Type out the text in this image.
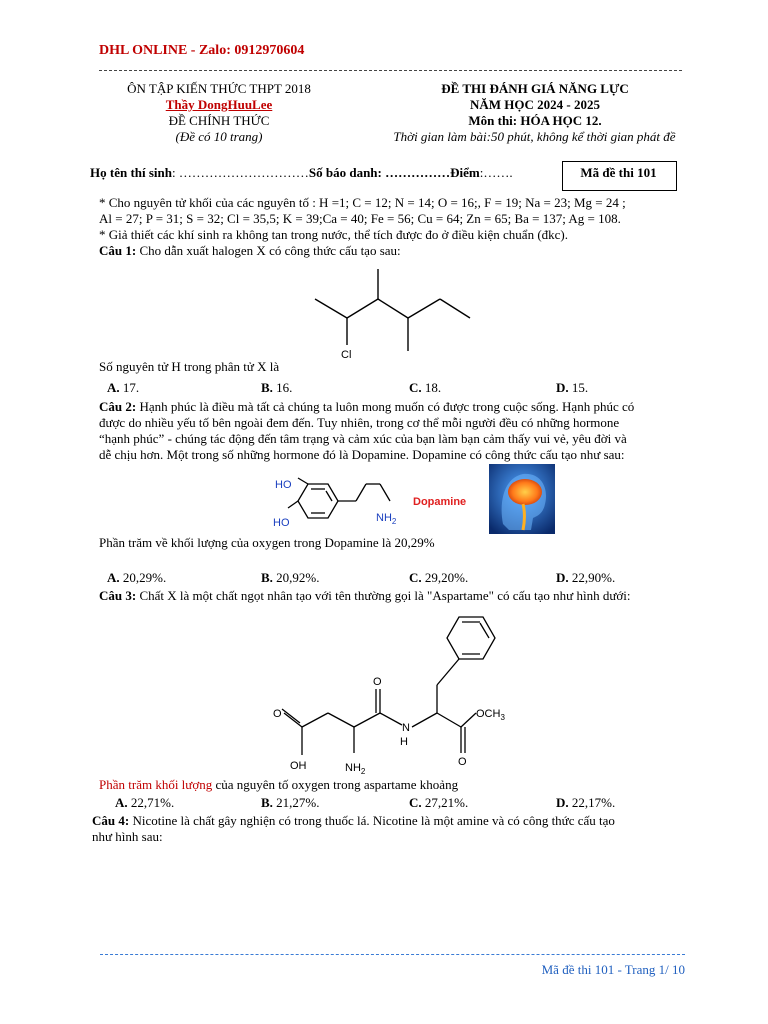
DHL ONLINE - Zalo: 0912970604
ÔN TẬP KIẾN THỨC THPT 2018
Thầy DongHuuLee
ĐỀ CHÍNH THỨC
(Đề có 10 trang)
ĐỀ THI ĐÁNH GIÁ NĂNG LỰC
NĂM HỌC 2024 - 2025
Môn thi: HÓA HỌC 12.
Thời gian làm bài:50 phút, không kể thời gian phát đề
Họ tên thí sinh: …………………………Số báo danh: ……………Điểm:…….	Mã đề thi 101
* Cho nguyên tử khối của các nguyên tố : H =1; C = 12; N = 14; O = 16;, F = 19; Na = 23; Mg = 24 ;
Al = 27; P = 31; S = 32; Cl = 35,5; K = 39;Ca = 40; Fe = 56; Cu = 64; Zn = 65; Ba = 137; Ag = 108.
* Giả thiết các khí sinh ra không tan trong nước, thể tích được đo ở điều kiện chuẩn (đkc).
Câu 1: Cho dẫn xuất halogen X có công thức cấu tạo sau:
Cl
Số nguyên tử H trong phân tử X là
A. 17.	B. 16.	C. 18.	D. 15.
Câu 2: Hạnh phúc là điều mà tất cả chúng ta luôn mong muốn có được trong cuộc sống. Hạnh phúc có
được do nhiều yếu tố bên ngoài đem đến. Tuy nhiên, trong cơ thể mỗi người đều có những hormone
“hạnh phúc” - chúng tác động đến tâm trạng và cảm xúc của bạn làm bạn cảm thấy vui vẻ, yêu đời và
dễ chịu hơn. Một trong số những hormone đó là Dopamine. Dopamine có công thức cấu tạo như sau:
HO
HO	$NH_2$
Dopamine
Phần trăm về khối lượng của oxygen trong Dopamine là 20,29%
A. 20,29%.	B. 20,92%.	C. 29,20%.	D. 22,90%.
Câu 3: Chất X là một chất ngọt nhân tạo với tên thường gọi là "Aspartame" có cấu tạo như hình dưới:
O
O
O
OH
N
H
$NH_2$
$OCH_3$
Phần trăm khối lượng của nguyên tố oxygen trong aspartame khoảng
A. 22,71%.	B. 21,27%.	C. 27,21%.	D. 22,17%.
Câu 4: Nicotine là chất gây nghiện có trong thuốc lá. Nicotine là một amine và có công thức cấu tạo
như hình sau:
Mã đề thi 101 - Trang 1/ 10
